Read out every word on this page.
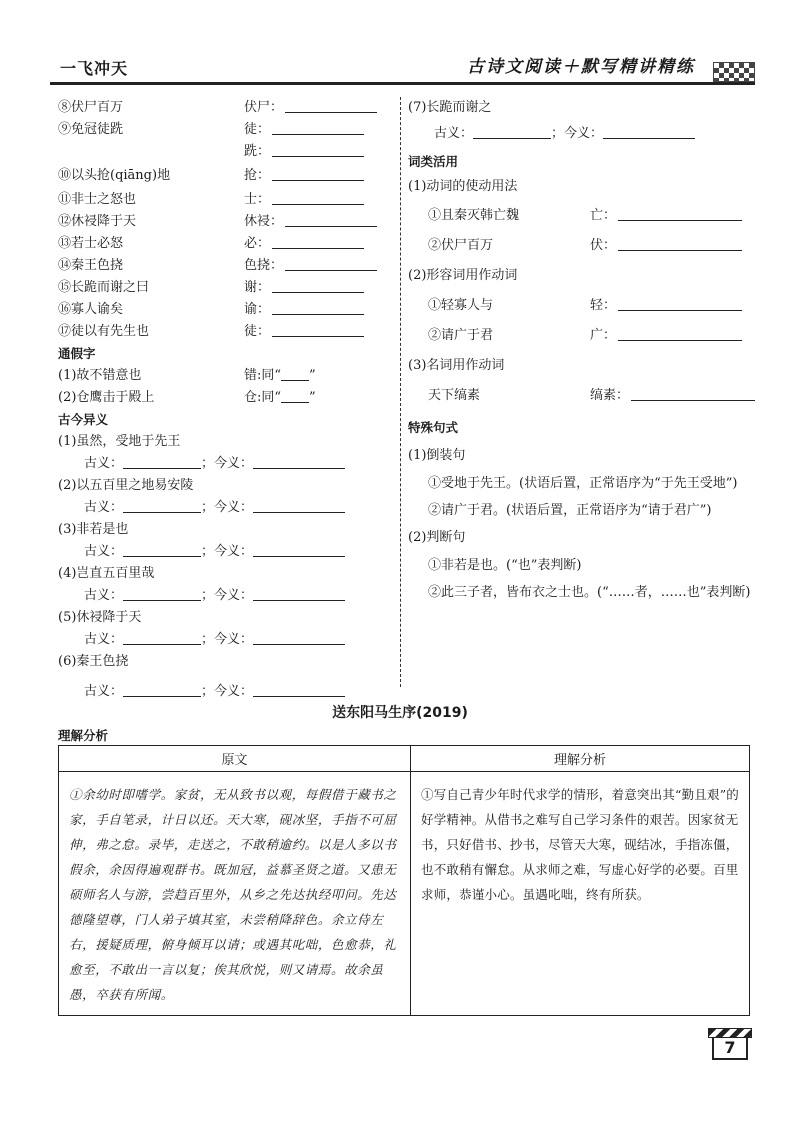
一飞冲天	古诗文阅读＋默写精讲精练
⑧伏尸百万	伏尸：
⑨免冠徒跣	徒：
跣：
⑩以头抢(qiāng)地	抢：
⑪非士之怒也	士：
⑫休祲降于天	休祲：
⑬若士必怒	必：
⑭秦王色挠	色挠：
⑮长跪而谢之曰	谢：
⑯寡人谕矣	谕：
⑰徒以有先生也	徒：
通假字
(1)故不错意也	错:同“ ”
(2)仓鹰击于殿上	仓:同“ ”
古今异义
(1)虽然，受地于先王
古义：	；今义：
(2)以五百里之地易安陵
古义：	；今义：
(3)非若是也
古义：	；今义：
(4)岂直五百里哉
古义：	；今义：
(5)休祲降于天
古义：	；今义：
(6)秦王色挠
古义：	；今义：
(7)长跪而谢之
古义：	；今义：
词类活用
(1)动词的使动用法
①且秦灭韩亡魏	亡：
②伏尸百万	伏：
(2)形容词用作动词
①轻寡人与	轻：
②请广于君	广：
(3)名词用作动词
天下缟素	缟素：
特殊句式
(1)倒装句
①受地于先王。(状语后置，正常语序为“于先王受地”)
②请广于君。(状语后置，正常语序为“请于君广”)
(2)判断句
①非若是也。(“也”表判断)
②此三子者，皆布衣之士也。(“……者，……也”表判断)
送东阳马生序(2019)
理解分析
原文	理解分析
①余幼时即嗜学。家贫，无从致书以观，每假借于藏书之家，手自笔录，计日以还。天大寒，砚冰坚，手指不可屈伸，弗之怠。录毕，走送之，不敢稍逾约。以是人多以书假余，余因得遍观群书。既加冠，益慕圣贤之道。又患无硕师名人与游，尝趋百里外，从乡之先达执经叩问。先达德隆望尊，门人弟子填其室，未尝稍降辞色。余立侍左右，援疑质理，俯身倾耳以请；或遇其叱咄，色愈恭，礼愈至，不敢出一言以复；俟其欣悦，则又请焉。故余虽愚，卒获有所闻。	①写自己青少年时代求学的情形，着意突出其“勤且艰”的好学精神。从借书之难写自己学习条件的艰苦。因家贫无书，只好借书、抄书，尽管天大寒，砚结冰，手指冻僵，也不敢稍有懈怠。从求师之难，写虚心好学的必要。百里求师，恭谨小心。虽遇叱咄，终有所获。
7
